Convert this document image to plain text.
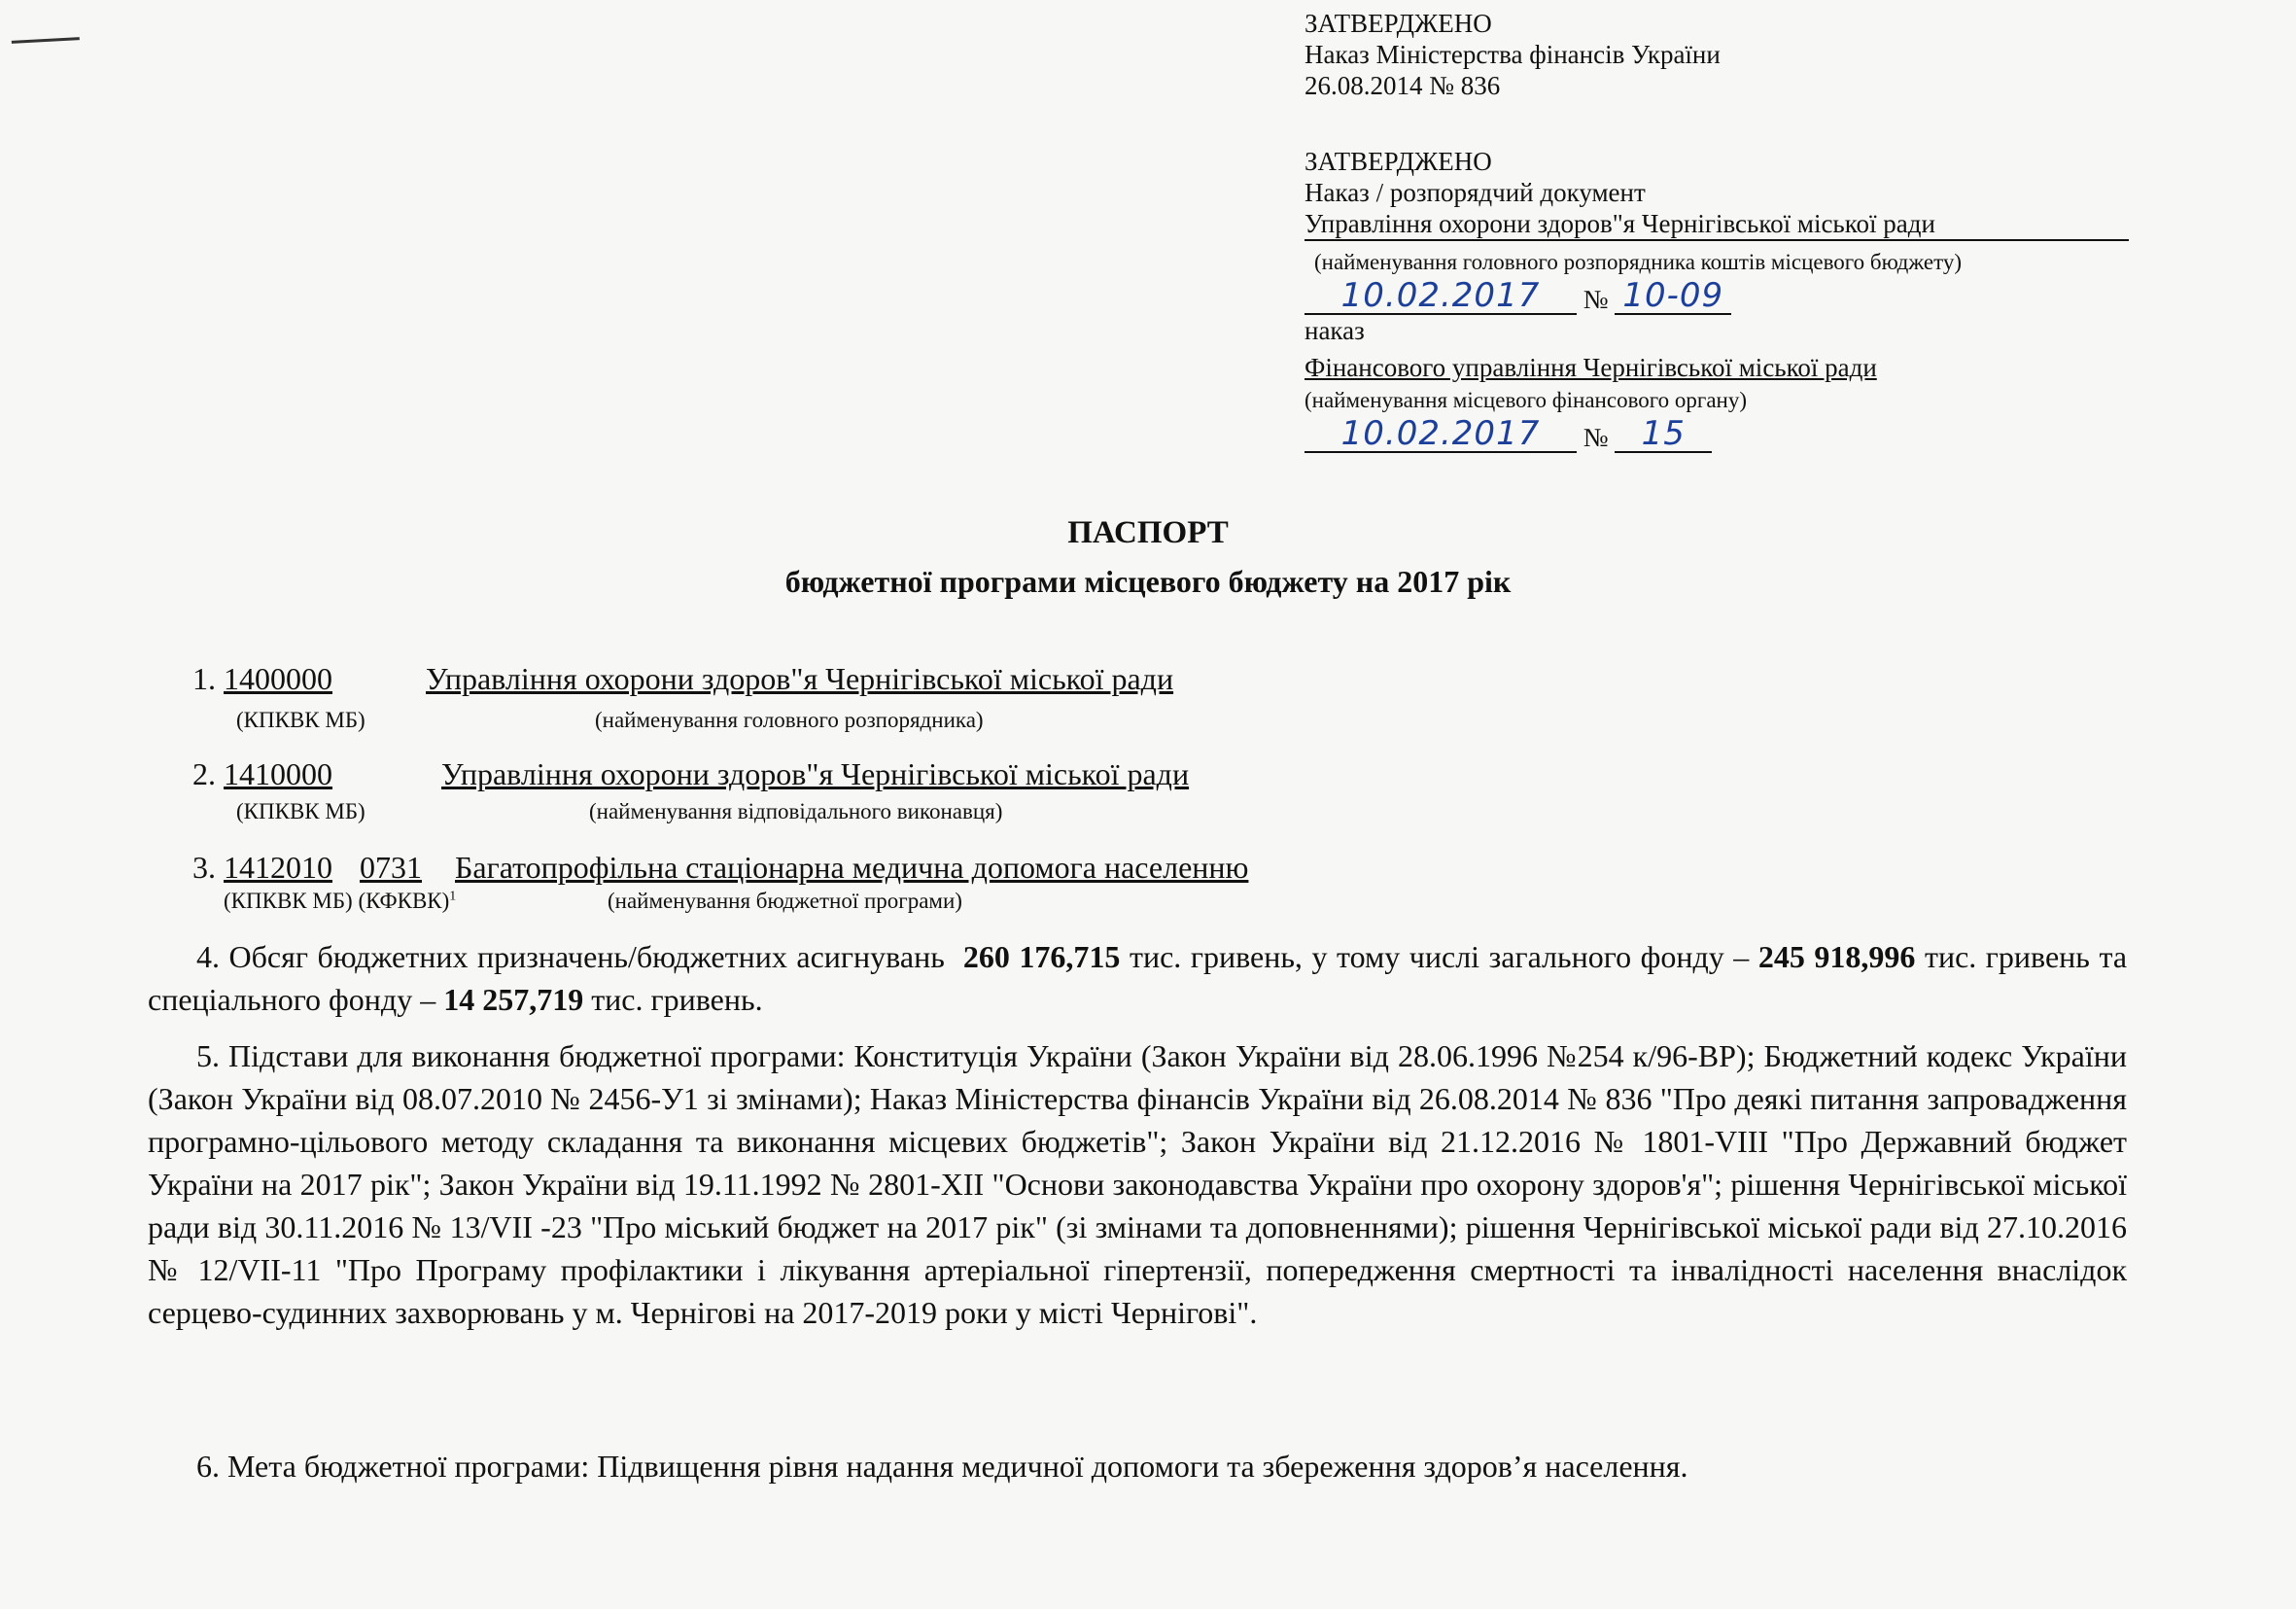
ЗАТВЕРДЖЕНО
Наказ Міністерства фінансів України
26.08.2014 № 836
ЗАТВЕРДЖЕНО
Наказ / розпорядчий документ
Управління охорони здоров"я Чернігівської міської ради
(найменування головного розпорядника коштів місцевого бюджету)
10.02.2017 № 10-09
наказ
Фінансового управління Чернігівської міської ради
(найменування місцевого фінансового органу)
10.02.2017 № 15
ПАСПОРТ
бюджетної програми місцевого бюджету на 2017 рік
1. 1400000	Управління охорони здоров"я Чернігівської міської ради
(КПКВК МБ)	(найменування головного розпорядника)
2. 1410000	Управління охорони здоров"я Чернігівської міської ради
(КПКВК МБ)	(найменування відповідального виконавця)
3. 1412010 0731 Багатопрофільна стаціонарна медична допомога населенню
(КПКВК МБ) (КФКВК)$^1$	(найменування бюджетної програми)
4. Обсяг бюджетних призначень/бюджетних асигнувань 260 176,715 тис. гривень, у тому числі загального фонду – 245 918,996 тис. гривень та спеціального фонду – 14 257,719 тис. гривень.
5. Підстави для виконання бюджетної програми: Конституція України (Закон України від 28.06.1996 №254 к/96-ВР); Бюджетний кодекс України (Закон України від 08.07.2010 № 2456-У1 зі змінами); Наказ Міністерства фінансів України від 26.08.2014 № 836 "Про деякі питання запровадження програмно-цільового методу складання та виконання місцевих бюджетів"; Закон України від 21.12.2016 № 1801-VIII "Про Державний бюджет України на 2017 рік"; Закон України від 19.11.1992 № 2801-XII "Основи законодавства України про охорону здоров'я"; рішення Чернігівської міської ради від 30.11.2016 № 13/VII -23 "Про міський бюджет на 2017 рік" (зі змінами та доповненнями); рішення Чернігівської міської ради від 27.10.2016 № 12/VII-11 "Про Програму профілактики і лікування артеріальної гіпертензії, попередження смертності та інвалідності населення внаслідок серцево-судинних захворювань у м. Чернігові на 2017-2019 роки у місті Чернігові".
6. Мета бюджетної програми: Підвищення рівня надання медичної допомоги та збереження здоров’я населення.
